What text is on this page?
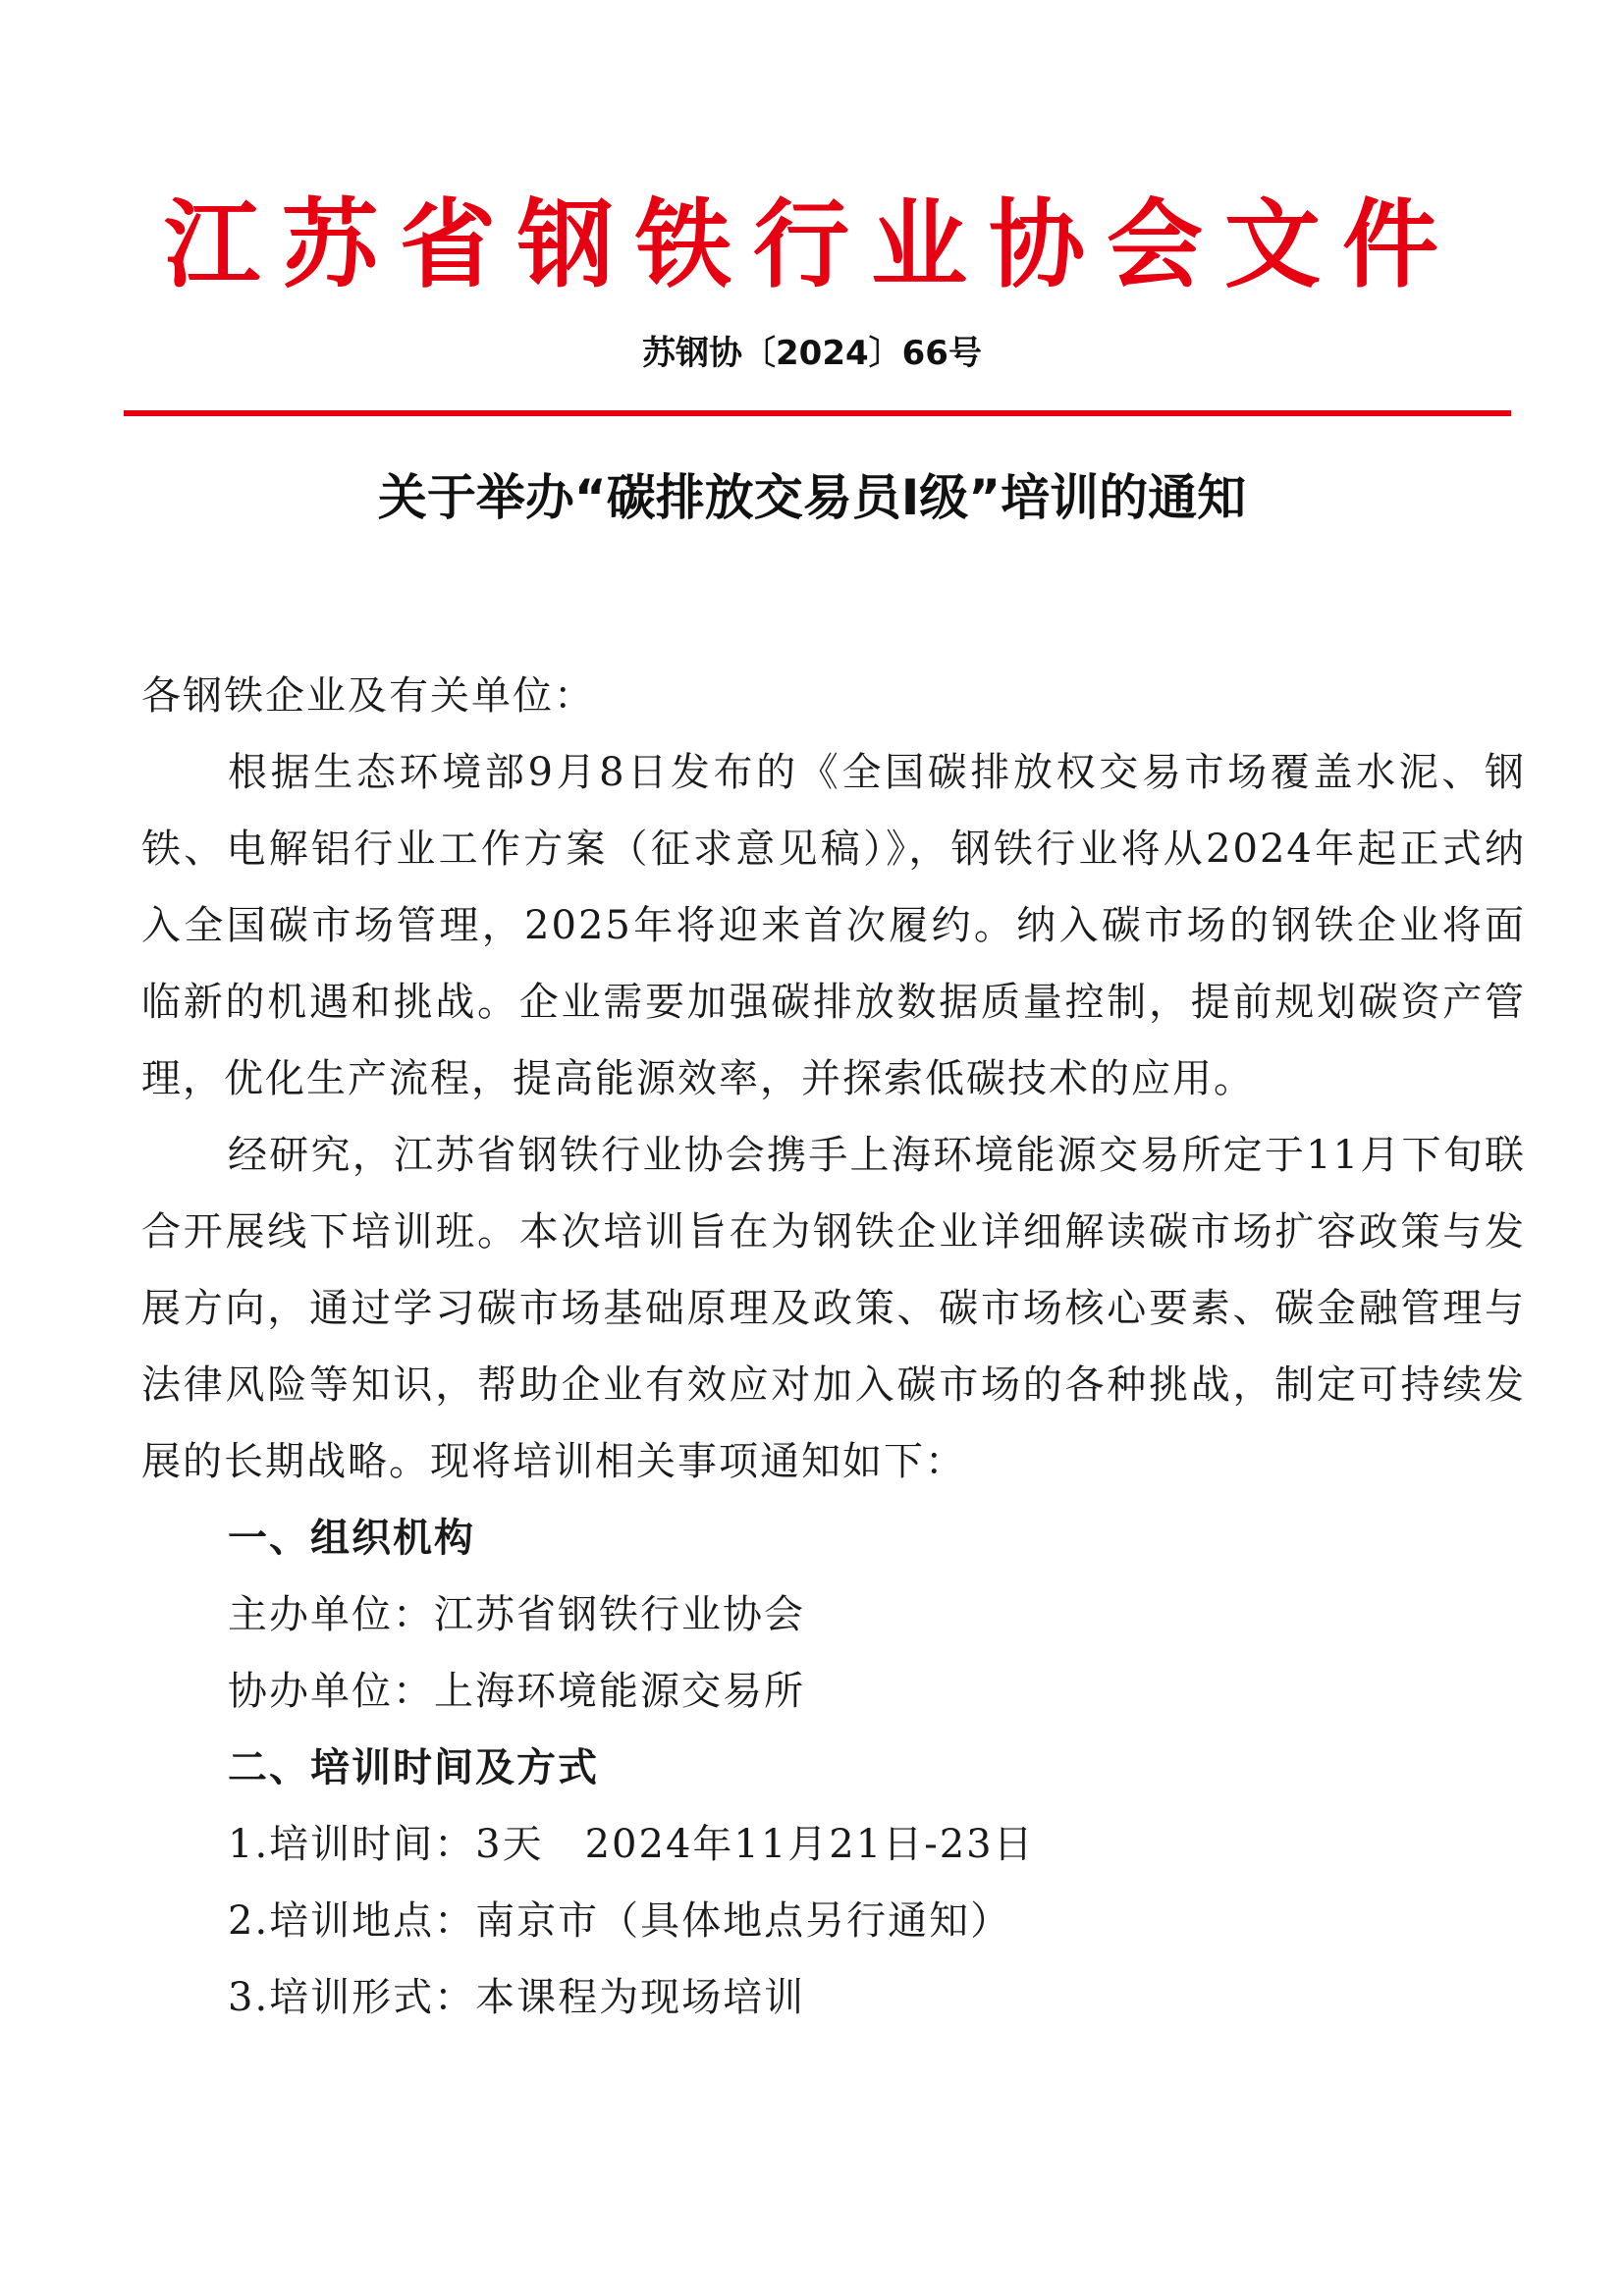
江苏省钢铁行业协会文件
苏钢协〔2024〕66号
关于举办“碳排放交易员Ⅰ级”培训的通知

各钢铁企业及有关单位：

根据生态环境部9月8日发布的《全国碳排放权交易市场覆盖水泥、钢铁、电解铝行业工作方案（征求意见稿）》，钢铁行业将从2024年起正式纳入全国碳市场管理，2025年将迎来首次履约。纳入碳市场的钢铁企业将面临新的机遇和挑战。企业需要加强碳排放数据质量控制，提前规划碳资产管理，优化生产流程，提高能源效率，并探索低碳技术的应用。

经研究，江苏省钢铁行业协会携手上海环境能源交易所定于11月下旬联合开展线下培训班。本次培训旨在为钢铁企业详细解读碳市场扩容政策与发展方向，通过学习碳市场基础原理及政策、碳市场核心要素、碳金融管理与法律风险等知识，帮助企业有效应对加入碳市场的各种挑战，制定可持续发展的长期战略。现将培训相关事项通知如下：

一、组织机构

主办单位：江苏省钢铁行业协会

协办单位：上海环境能源交易所

二、培训时间及方式

1.培训时间：3天　2024年11月21日-23日

2.培训地点：南京市（具体地点另行通知）

3.培训形式：本课程为现场培训
